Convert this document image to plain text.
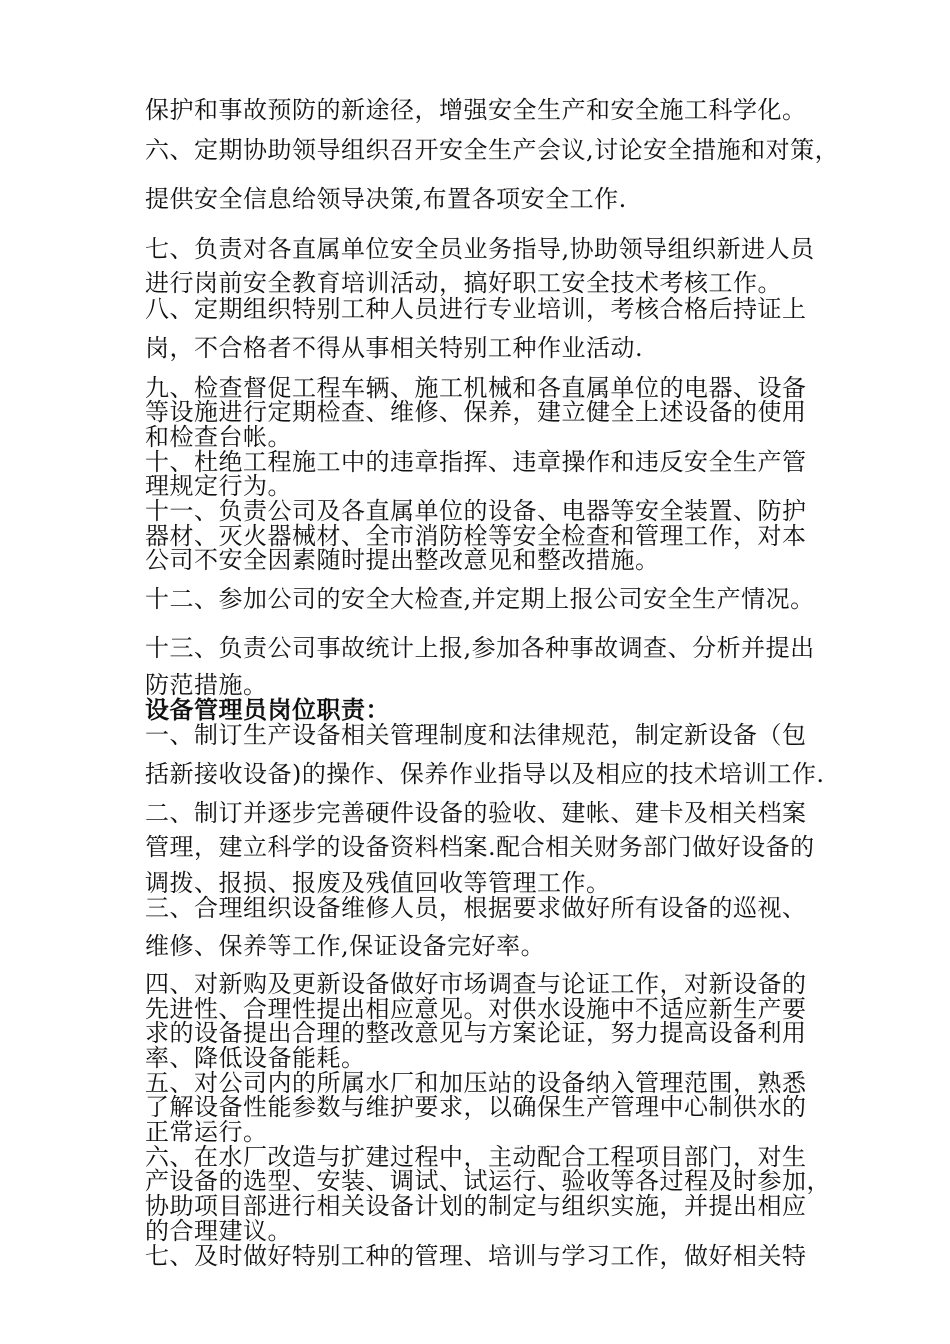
保护和事故预防的新途径，增强安全生产和安全施工科学化。
六、定期协助领导组织召开安全生产会议,讨论安全措施和对策，
提供安全信息给领导决策,布置各项安全工作.
七、负责对各直属单位安全员业务指导,协助领导组织新进人员
进行岗前安全教育培训活动，搞好职工安全技术考核工作。
八、定期组织特别工种人员进行专业培训，考核合格后持证上
岗，不合格者不得从事相关特别工种作业活动.
九、检查督促工程车辆、施工机械和各直属单位的电器、设备
等设施进行定期检查、维修、保养，建立健全上述设备的使用
和检查台帐。
十、杜绝工程施工中的违章指挥、违章操作和违反安全生产管
理规定行为。
十一、负责公司及各直属单位的设备、电器等安全装置、防护
器材、灭火器械材、全市消防栓等安全检查和管理工作，对本
公司不安全因素随时提出整改意见和整改措施。
十二、参加公司的安全大检查,并定期上报公司安全生产情况。
十三、负责公司事故统计上报,参加各种事故调查、分析并提出
防范措施。
设备管理员岗位职责：
一、制订生产设备相关管理制度和法律规范，制定新设备（包
括新接收设备)的操作、保养作业指导以及相应的技术培训工作.
二、制订并逐步完善硬件设备的验收、建帐、建卡及相关档案
管理，建立科学的设备资料档案.配合相关财务部门做好设备的
调拨、报损、报废及残值回收等管理工作。
三、合理组织设备维修人员，根据要求做好所有设备的巡视、
维修、保养等工作,保证设备完好率。
四、对新购及更新设备做好市场调查与论证工作，对新设备的
先进性、合理性提出相应意见。对供水设施中不适应新生产要
求的设备提出合理的整改意见与方案论证，努力提高设备利用
率、降低设备能耗。
五、对公司内的所属水厂和加压站的设备纳入管理范围，熟悉
了解设备性能参数与维护要求，以确保生产管理中心制供水的
正常运行。
六、在水厂改造与扩建过程中，主动配合工程项目部门，对生
产设备的选型、安装、调试、试运行、验收等各过程及时参加，
协助项目部进行相关设备计划的制定与组织实施，并提出相应
的合理建议。
七、及时做好特别工种的管理、培训与学习工作，做好相关特
